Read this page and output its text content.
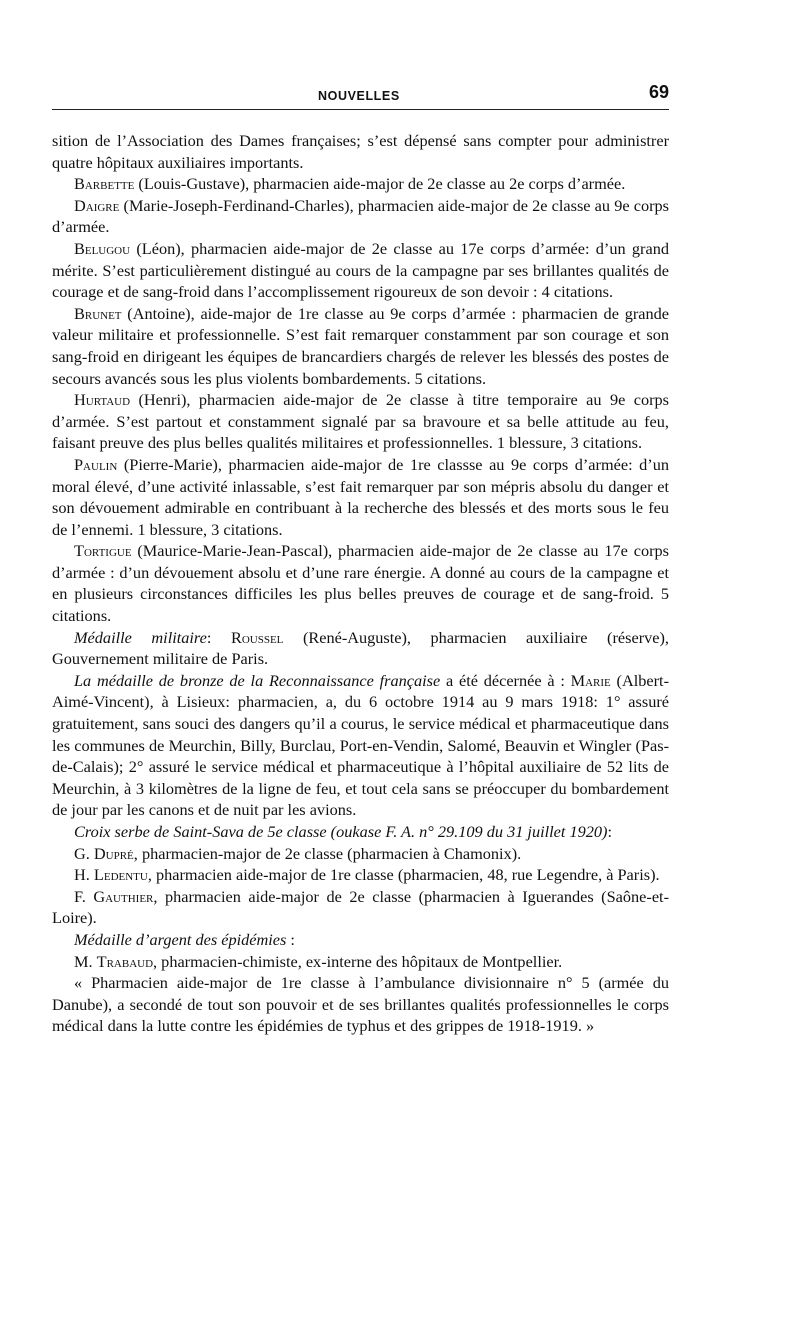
NOUVELLES	69

sition de l’Association des Dames françaises; s’est dépensé sans compter pour administrer quatre hôpitaux auxiliaires importants.

Barbette (Louis-Gustave), pharmacien aide-major de 2e classe au 2e corps d’armée.

Daigre (Marie-Joseph-Ferdinand-Charles), pharmacien aide-major de 2e classe au 9e corps d’armée.

Belugou (Léon), pharmacien aide-major de 2e classe au 17e corps d’armée: d’un grand mérite. S’est particulièrement distingué au cours de la campagne par ses brillantes qualités de courage et de sang-froid dans l’accomplissement rigoureux de son devoir : 4 citations.

Brunet (Antoine), aide-major de 1re classe au 9e corps d’armée : pharmacien de grande valeur militaire et professionnelle. S’est fait remarquer constamment par son courage et son sang-froid en dirigeant les équipes de brancardiers chargés de relever les blessés des postes de secours avancés sous les plus violents bombardements. 5 citations.

Hurtaud (Henri), pharmacien aide-major de 2e classe à titre temporaire au 9e corps d’armée. S’est partout et constamment signalé par sa bravoure et sa belle attitude au feu, faisant preuve des plus belles qualités militaires et professionnelles. 1 blessure, 3 citations.

Paulin (Pierre-Marie), pharmacien aide-major de 1re classse au 9e corps d’armée: d’un moral élevé, d’une activité inlassable, s’est fait remarquer par son mépris absolu du danger et son dévouement admirable en contribuant à la recherche des blessés et des morts sous le feu de l’ennemi. 1 blessure, 3 citations.

Tortigue (Maurice-Marie-Jean-Pascal), pharmacien aide-major de 2e classe au 17e corps d’armée : d’un dévouement absolu et d’une rare énergie. A donné au cours de la campagne et en plusieurs circonstances difficiles les plus belles preuves de courage et de sang-froid. 5 citations.

Médaille militaire: Roussel (René-Auguste), pharmacien auxiliaire (réserve), Gouvernement militaire de Paris.

La médaille de bronze de la Reconnaissance française a été décernée à : Marie (Albert-Aimé-Vincent), à Lisieux: pharmacien, a, du 6 octobre 1914 au 9 mars 1918: 1° assuré gratuitement, sans souci des dangers qu’il a courus, le service médical et pharmaceutique dans les communes de Meurchin, Billy, Burclau, Port-en-Vendin, Salomé, Beauvin et Wingler (Pas-de-Calais); 2° assuré le service médical et pharmaceutique à l’hôpital auxiliaire de 52 lits de Meurchin, à 3 kilomètres de la ligne de feu, et tout cela sans se préoccuper du bombardement de jour par les canons et de nuit par les avions.

Croix serbe de Saint-Sava de 5e classe (oukase F. A. n° 29.109 du 31 juillet 1920):

G. Dupré, pharmacien-major de 2e classe (pharmacien à Chamonix).

H. Ledentu, pharmacien aide-major de 1re classe (pharmacien, 48, rue Legendre, à Paris).

F. Gauthier, pharmacien aide-major de 2e classe (pharmacien à Iguerandes (Saône-et-Loire).

Médaille d’argent des épidémies :

M. Trabaud, pharmacien-chimiste, ex-interne des hôpitaux de Montpellier.

« Pharmacien aide-major de 1re classe à l’ambulance divisionnaire n° 5 (armée du Danube), a secondé de tout son pouvoir et de ses brillantes qualités professionnelles le corps médical dans la lutte contre les épidémies de typhus et des grippes de 1918-1919. »
